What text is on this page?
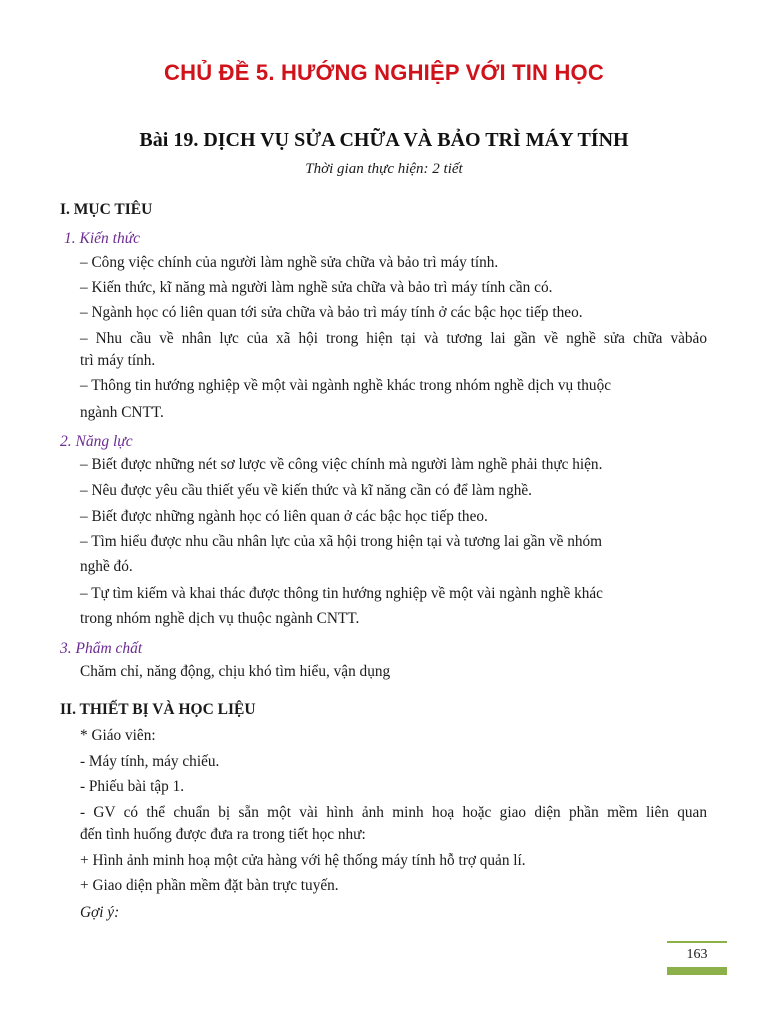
CHỦ ĐỀ 5. HƯỚNG NGHIỆP VỚI TIN HỌC
Bài 19. DỊCH VỤ SỬA CHỮA VÀ BẢO TRÌ MÁY TÍNH
Thời gian thực hiện: 2 tiết
I. MỤC TIÊU
1. Kiến thức
– Công việc chính của người làm nghề sửa chữa và bảo trì máy tính.
– Kiến thức, kĩ năng mà người làm nghề sửa chữa và bảo trì máy tính cần có.
– Ngành học có liên quan tới sửa chữa và bảo trì máy tính ở các bậc học tiếp theo.
– Nhu cầu về nhân lực của xã hội trong hiện tại và tương lai gần về nghề sửa chữa vàbảo
trì máy tính.
– Thông tin hướng nghiệp về một vài ngành nghề khác trong nhóm nghề dịch vụ thuộc
ngành CNTT.
2. Năng lực
– Biết được những nét sơ lược về công việc chính mà người làm nghề phải thực hiện.
– Nêu được yêu cầu thiết yếu về kiến thức và kĩ năng cần có để làm nghề.
– Biết được những ngành học có liên quan ở các bậc học tiếp theo.
– Tìm hiểu được nhu cầu nhân lực của xã hội trong hiện tại và tương lai gần về nhóm
nghề đó.
– Tự tìm kiếm và khai thác được thông tin hướng nghiệp về một vài ngành nghề khác
trong nhóm nghề dịch vụ thuộc ngành CNTT.
3. Phẩm chất
Chăm chỉ, năng động, chịu khó tìm hiểu, vận dụng
II. THIẾT BỊ VÀ HỌC LIỆU
* Giáo viên:
- Máy tính, máy chiếu.
- Phiếu bài tập 1.
- GV có thể chuẩn bị sẵn một vài hình ảnh minh hoạ hoặc giao diện phần mềm liên quan
đến tình huống được đưa ra trong tiết học như:
+ Hình ảnh minh hoạ một cửa hàng với hệ thống máy tính hỗ trợ quản lí.
+ Giao diện phần mềm đặt bàn trực tuyến.
Gợi ý:
163
